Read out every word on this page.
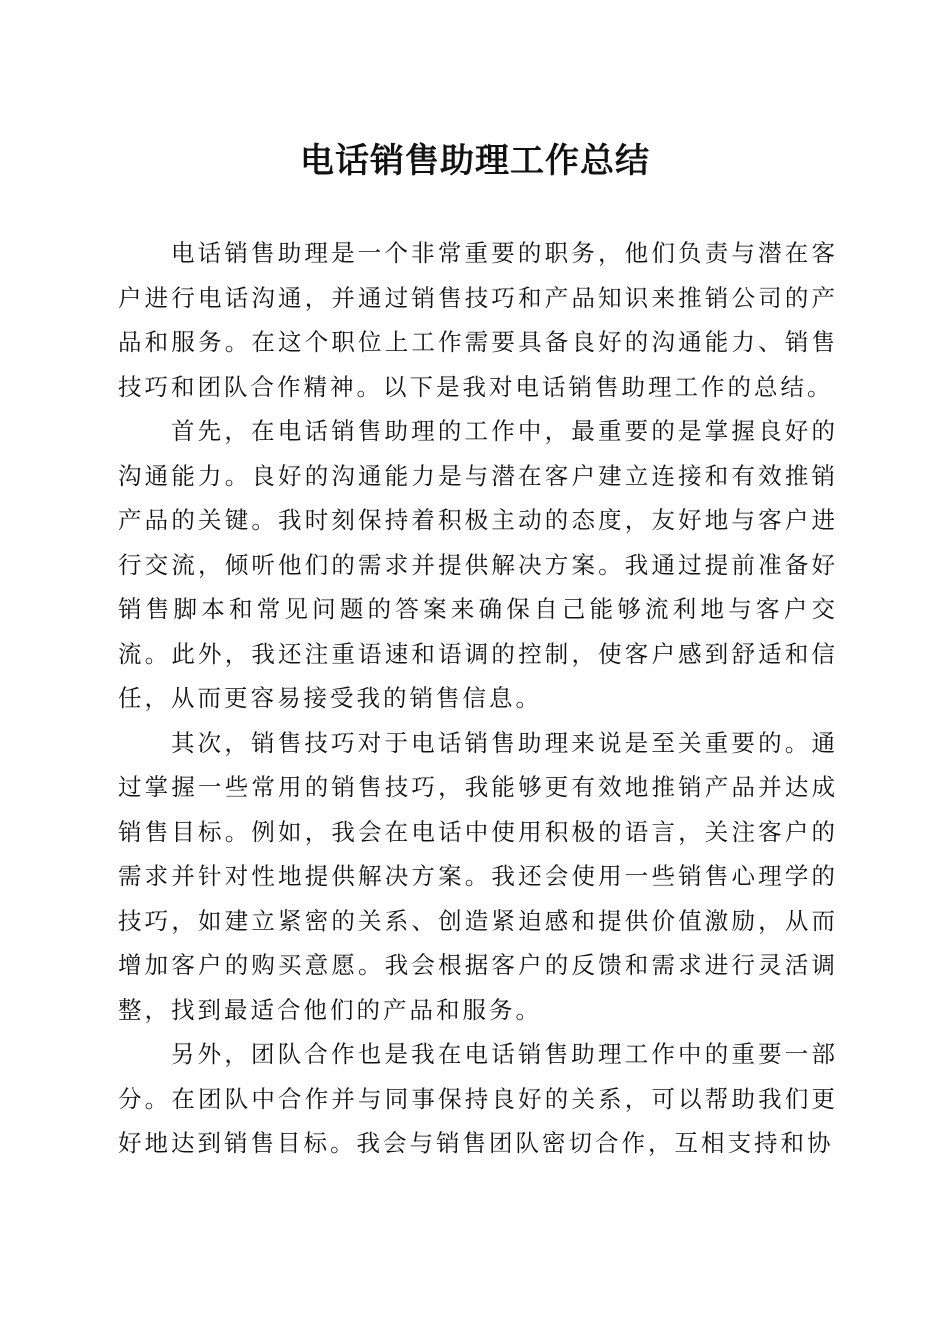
电话销售助理工作总结

电话销售助理是一个非常重要的职务，他们负责与潜在客户进行电话沟通，并通过销售技巧和产品知识来推销公司的产品和服务。在这个职位上工作需要具备良好的沟通能力、销售技巧和团队合作精神。以下是我对电话销售助理工作的总结。

首先，在电话销售助理的工作中，最重要的是掌握良好的沟通能力。良好的沟通能力是与潜在客户建立连接和有效推销产品的关键。我时刻保持着积极主动的态度，友好地与客户进行交流，倾听他们的需求并提供解决方案。我通过提前准备好销售脚本和常见问题的答案来确保自己能够流利地与客户交流。此外，我还注重语速和语调的控制，使客户感到舒适和信任，从而更容易接受我的销售信息。

其次，销售技巧对于电话销售助理来说是至关重要的。通过掌握一些常用的销售技巧，我能够更有效地推销产品并达成销售目标。例如，我会在电话中使用积极的语言，关注客户的需求并针对性地提供解决方案。我还会使用一些销售心理学的技巧，如建立紧密的关系、创造紧迫感和提供价值激励，从而增加客户的购买意愿。我会根据客户的反馈和需求进行灵活调整，找到最适合他们的产品和服务。

另外，团队合作也是我在电话销售助理工作中的重要一部分。在团队中合作并与同事保持良好的关系，可以帮助我们更好地达到销售目标。我会与销售团队密切合作，互相支持和协
